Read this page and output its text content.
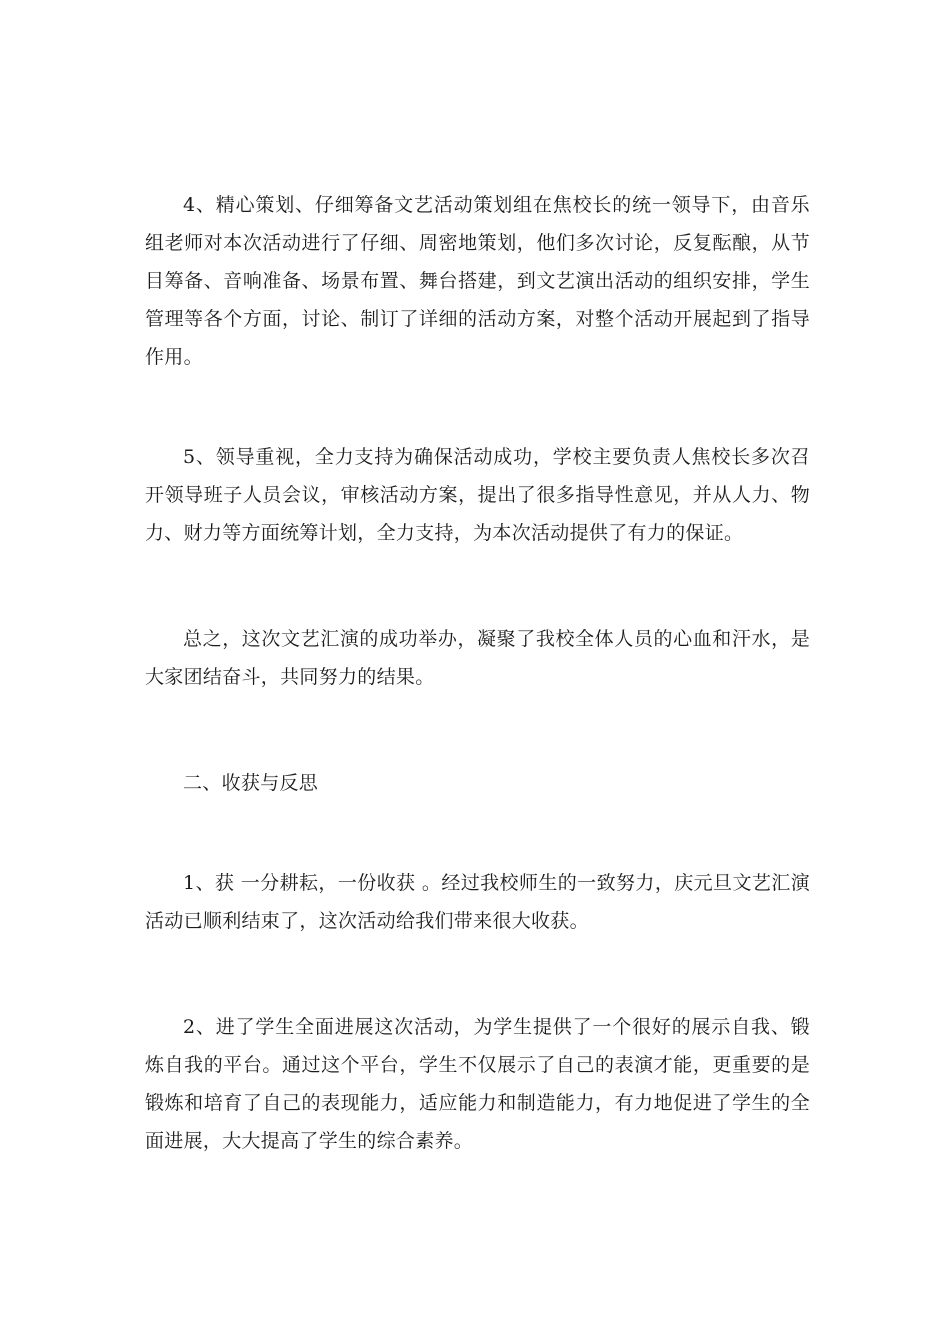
4、精心策划、仔细筹备文艺活动策划组在焦校长的统一领导下，由音乐组老师对本次活动进行了仔细、周密地策划，他们多次讨论，反复酝酿，从节目筹备、音响准备、场景布置、舞台搭建，到文艺演出活动的组织安排，学生管理等各个方面，讨论、制订了详细的活动方案，对整个活动开展起到了指导作用。

5、领导重视，全力支持为确保活动成功，学校主要负责人焦校长多次召开领导班子人员会议，审核活动方案，提出了很多指导性意见，并从人力、物力、财力等方面统筹计划，全力支持，为本次活动提供了有力的保证。

总之，这次文艺汇演的成功举办，凝聚了我校全体人员的心血和汗水，是大家团结奋斗，共同努力的结果。

二、收获与反思

1、获 一分耕耘，一份收获 。经过我校师生的一致努力，庆元旦文艺汇演活动已顺利结束了，这次活动给我们带来很大收获。

2、进了学生全面进展这次活动，为学生提供了一个很好的展示自我、锻炼自我的平台。通过这个平台，学生不仅展示了自己的表演才能，更重要的是锻炼和培育了自己的表现能力，适应能力和制造能力，有力地促进了学生的全面进展，大大提高了学生的综合素养。
